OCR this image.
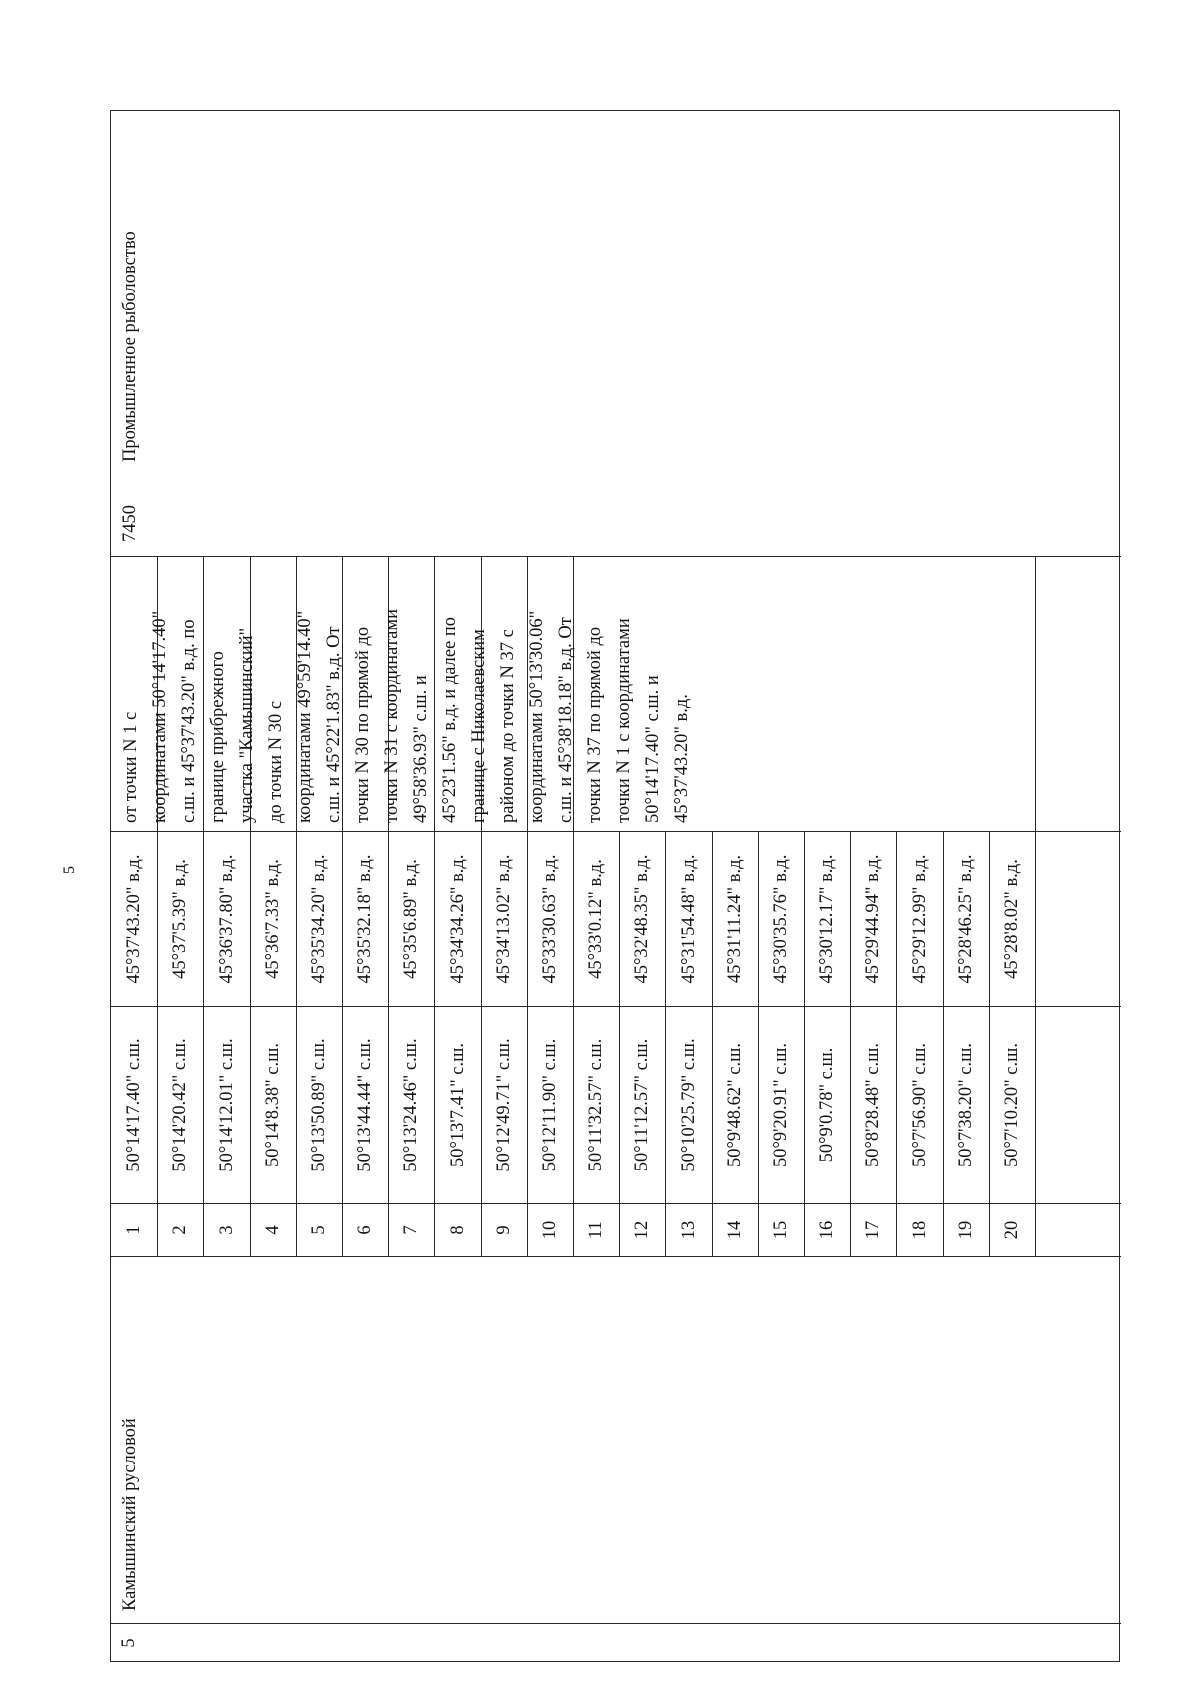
5
5
Камышинский русловой
7450
Промышленное рыболовство
от точки N 1 с координатами 50°14'17.40" с.ш. и 45°37'43.20" в.д. по границе прибрежного участка "Камышинский" до точки N 30 с координатами 49°59'14.40" с.ш. и 45°22'1.83" в.д. От точки N 30 по прямой до точки N 31 с координатами 49°58'36.93" с.ш. и 45°23'1.56" в.д. и далее по границе с Николаевским районом до точки N 37 с координатами 50°13'30.06" с.ш. и 45°38'18.18" в.д. От точки N 37 по прямой до точки N 1 с координатами 50°14'17.40" с.ш. и 45°37'43.20" в.д.
1
50°14'17.40" с.ш.
45°37'43.20" в.д.
2
50°14'20.42" с.ш.
45°37'5.39" в.д.
3
50°14'12.01" с.ш.
45°36'37.80" в.д.
4
50°14'8.38" с.ш.
45°36'7.33" в.д.
5
50°13'50.89" с.ш.
45°35'34.20" в.д.
6
50°13'44.44" с.ш.
45°35'32.18" в.д.
7
50°13'24.46" с.ш.
45°35'6.89" в.д.
8
50°13'7.41" с.ш.
45°34'34.26" в.д.
9
50°12'49.71" с.ш.
45°34'13.02" в.д.
10
50°12'11.90" с.ш.
45°33'30.63" в.д.
11
50°11'32.57" с.ш.
45°33'0.12" в.д.
12
50°11'12.57" с.ш.
45°32'48.35" в.д.
13
50°10'25.79" с.ш.
45°31'54.48" в.д.
14
50°9'48.62" с.ш.
45°31'11.24" в.д.
15
50°9'20.91" с.ш.
45°30'35.76" в.д.
16
50°9'0.78" с.ш.
45°30'12.17" в.д.
17
50°8'28.48" с.ш.
45°29'44.94" в.д.
18
50°7'56.90" с.ш.
45°29'12.99" в.д.
19
50°7'38.20" с.ш.
45°28'46.25" в.д.
20
50°7'10.20" с.ш.
45°28'8.02" в.д.
